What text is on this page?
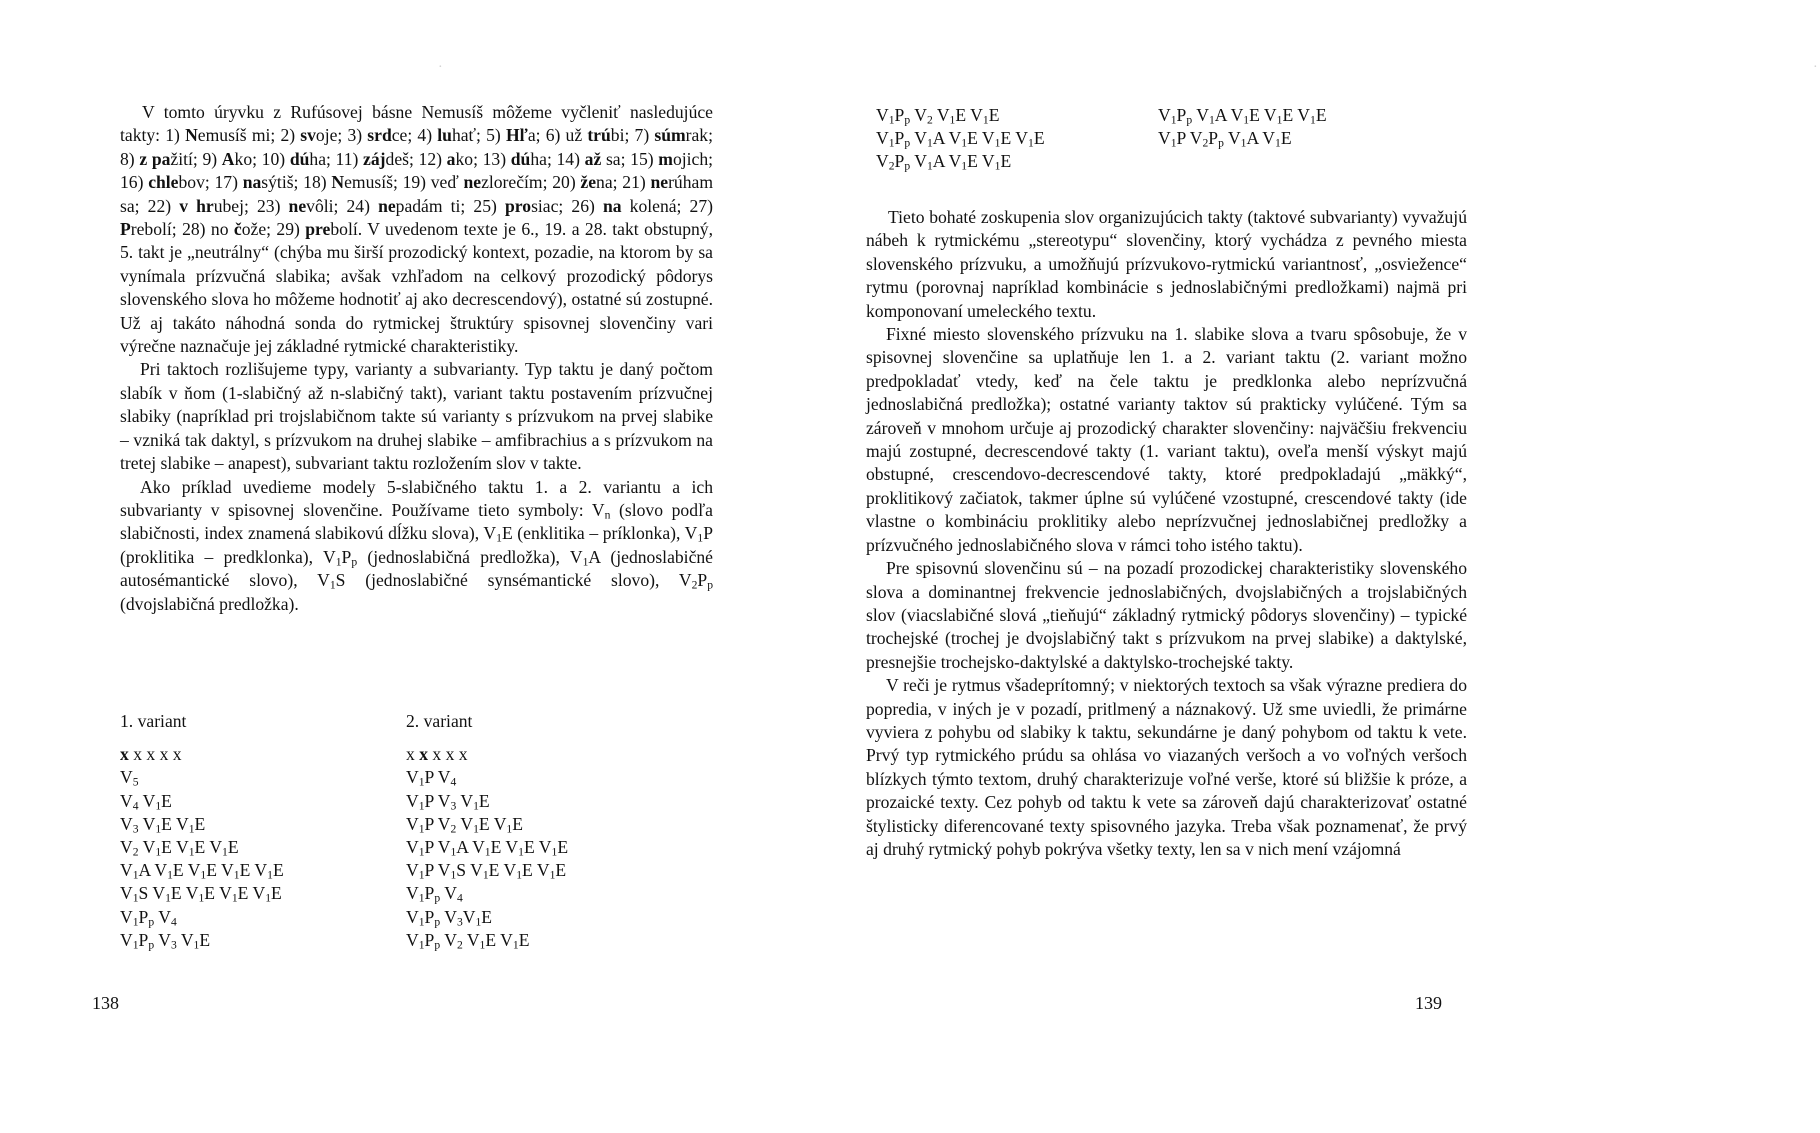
·

V tomto úryvku z Rufúsovej básne Nemusíš môžeme vyčleniť nasledujúce takty: 1) Nemusíš mi; 2) svoje; 3) srdce; 4) luhať; 5) Hľa; 6) už trúbi; 7) súmrak; 8) z pažití; 9) Ako; 10) dúha; 11) zájdeš; 12) ako; 13) dúha; 14) až sa; 15) mojich; 16) chlebov; 17) nasýtiš; 18) Nemusíš; 19) veď nezlorečím; 20) žena; 21) nerúham sa; 22) v hrubej; 23) nevôli; 24) nepadám ti; 25) prosiac; 26) na kolená; 27) Prebolí; 28) no čože; 29) prebolí. V uvedenom texte je 6., 19. a 28. takt obstupný, 5. takt je „neutrálny“ (chýba mu širší prozodický kontext, pozadie, na ktorom by sa vynímala prízvučná slabika; avšak vzhľadom na celkový prozodický pôdorys slovenského slova ho môžeme hodnotiť aj ako decrescendový), ostatné sú zostupné. Už aj takáto náhodná sonda do rytmickej štruktúry spisovnej slovenčiny vari výrečne naznačuje jej základné rytmické charakteristiky.

Pri taktoch rozlišujeme typy, varianty a subvarianty. Typ taktu je daný počtom slabík v ňom (1-slabičný až n-slabičný takt), variant taktu postavením prízvučnej slabiky (napríklad pri trojslabičnom takte sú varianty s prízvukom na prvej slabike – vzniká tak daktyl, s prízvukom na druhej slabike – amfibrachius a s prízvukom na tretej slabike – anapest), subvariant taktu rozložením slov v takte.

Ako príklad uvedieme modely 5-slabičného taktu 1. a 2. variantu a ich subvarianty v spisovnej slovenčine. Používame tieto symboly: $V_n$ (slovo podľa slabičnosti, index znamená slabikovú dĺžku slova), $V_1E$ (enklitika – príklonka), $V_1P$ (proklitika – predklonka), $V_1P_p$ (jednoslabičná predložka), $V_1A$ (jednoslabičné autosémantické slovo), $V_1S$ (jednoslabičné synsémantické slovo), $V_2P_p$ (dvojslabičná predložka).

1. variant
x x x x x
$V_5$
$V_4$ $V_1E$
$V_3$ $V_1E$ $V_1E$
$V_2$ $V_1E$ $V_1E$ $V_1E$
$V_1A$ $V_1E$ $V_1E$ $V_1E$ $V_1E$
$V_1S$ $V_1E$ $V_1E$ $V_1E$ $V_1E$
$V_1P_p$ $V_4$
$V_1P_p$ $V_3$ $V_1E$
2. variant
x x x x x
$V_1P$ $V_4$
$V_1P$ $V_3$ $V_1E$
$V_1P$ $V_2$ $V_1E$ $V_1E$
$V_1P$ $V_1A$ $V_1E$ $V_1E$ $V_1E$
$V_1P$ $V_1S$ $V_1E$ $V_1E$ $V_1E$
$V_1P_p$ $V_4$
$V_1P_p$ $V_3V_1E$
$V_1P_p$ $V_2$ $V_1E$ $V_1E$
138
·

Tieto bohaté zoskupenia slov organizujúcich takty (taktové subvarianty) vyvažujú nábeh k rytmickému „stereotypu“ slovenčiny, ktorý vychádza z pevného miesta slovenského prízvuku, a umožňujú prízvukovo-rytmickú variantnosť, „osviežence“ rytmu (porovnaj napríklad kombinácie s jednoslabičnými predložkami) najmä pri komponovaní umeleckého textu.

Fixné miesto slovenského prízvuku na 1. slabike slova a tvaru spôsobuje, že v spisovnej slovenčine sa uplatňuje len 1. a 2. variant taktu (2. variant možno predpokladať vtedy, keď na čele taktu je predklonka alebo neprízvučná jednoslabičná predložka); ostatné varianty taktov sú prakticky vylúčené. Tým sa zároveň v mnohom určuje aj prozodický charakter slovenčiny: najväčšiu frekvenciu majú zostupné, decrescendové takty (1. variant taktu), oveľa menší výskyt majú obstupné, crescendovo-decrescendové takty, ktoré predpokladajú „mäkký“, proklitikový začiatok, takmer úplne sú vylúčené vzostupné, crescendové takty (ide vlastne o kombináciu proklitiky alebo neprízvučnej jednoslabičnej predložky a prízvučného jednoslabičného slova v rámci toho istého taktu).

Pre spisovnú slovenčinu sú – na pozadí prozodickej charakteristiky slovenského slova a dominantnej frekvencie jednoslabičných, dvojslabičných a trojslabičných slov (viacslabičné slová „tieňujú“ základný rytmický pôdorys slovenčiny) – typické trochejské (trochej je dvojslabičný takt s prízvukom na prvej slabike) a daktylské, presnejšie trochejsko-daktylské a daktylsko-trochejské takty.

V reči je rytmus všadeprítomný; v niektorých textoch sa však výrazne prediera do popredia, v iných je v pozadí, pritlmený a náznakový. Už sme uviedli, že primárne vyviera z pohybu od slabiky k taktu, sekundárne je daný pohybom od taktu k vete. Prvý typ rytmického prúdu sa ohlása vo viazaných veršoch a vo voľných veršoch blízkych týmto textom, druhý charakterizuje voľné verše, ktoré sú bližšie k próze, a prozaické texty. Cez pohyb od taktu k vete sa zároveň dajú charakterizovať ostatné štylisticky diferencované texty spisovného jazyka. Treba však poznamenať, že prvý aj druhý rytmický pohyb pokrýva všetky texty, len sa v nich mení vzájomná

139
$V_1P_p$ $V_2$ $V_1E$ $V_1E$
$V_1P_p$ $V_1A$ $V_1E$ $V_1E$ $V_1E$
$V_2P_p$ $V_1A$ $V_1E$ $V_1E$
$V_1P_p$ $V_1A$ $V_1E$ $V_1E$ $V_1E$
$V_1P$ $V_2P_p$ $V_1A$ $V_1E$
